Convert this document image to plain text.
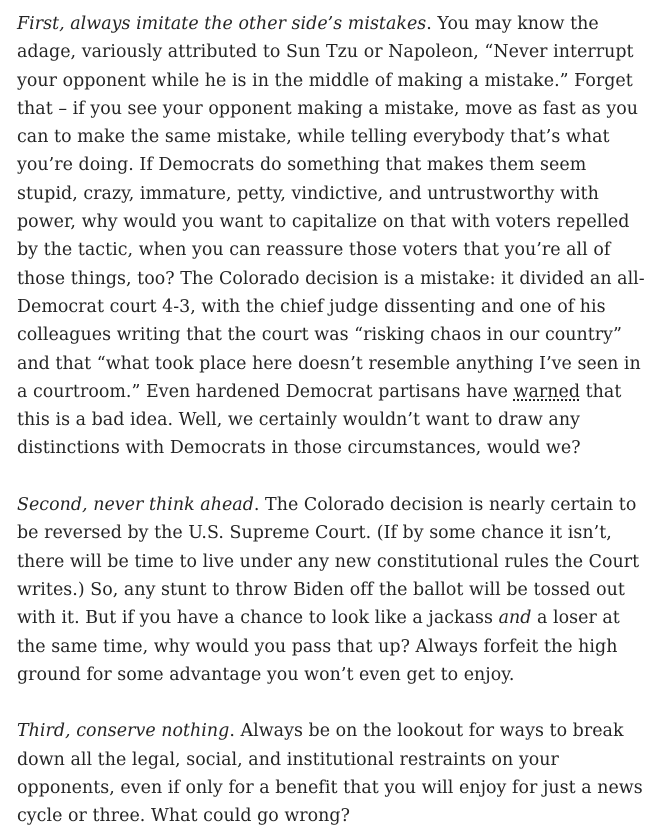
First, always imitate the other side’s mistakes. You may know the adage, variously attributed to Sun Tzu or Napoleon, “Never interrupt your opponent while he is in the middle of making a mistake.” Forget that – if you see your opponent making a mistake, move as fast as you can to make the same mistake, while telling everybody that’s what you’re doing. If Democrats do something that makes them seem stupid, crazy, immature, petty, vindictive, and untrustworthy with power, why would you want to capitalize on that with voters repelled by the tactic, when you can reassure those voters that you’re all of those things, too? The Colorado decision is a mistake: it divided an all-Democrat court 4-3, with the chief judge dissenting and one of his colleagues writing that the court was “risking chaos in our country” and that “what took place here doesn’t resemble anything I’ve seen in a courtroom.” Even hardened Democrat partisans have warned that this is a bad idea. Well, we certainly wouldn’t want to draw any distinctions with Democrats in those circumstances, would we?

Second, never think ahead. The Colorado decision is nearly certain to be reversed by the U.S. Supreme Court. (If by some chance it isn’t, there will be time to live under any new constitutional rules the Court writes.) So, any stunt to throw Biden off the ballot will be tossed out with it. But if you have a chance to look like a jackass and a loser at the same time, why would you pass that up? Always forfeit the high ground for some advantage you won’t even get to enjoy.

Third, conserve nothing. Always be on the lookout for ways to break down all the legal, social, and institutional restraints on your opponents, even if only for a benefit that you will enjoy for just a news cycle or three. What could go wrong?
